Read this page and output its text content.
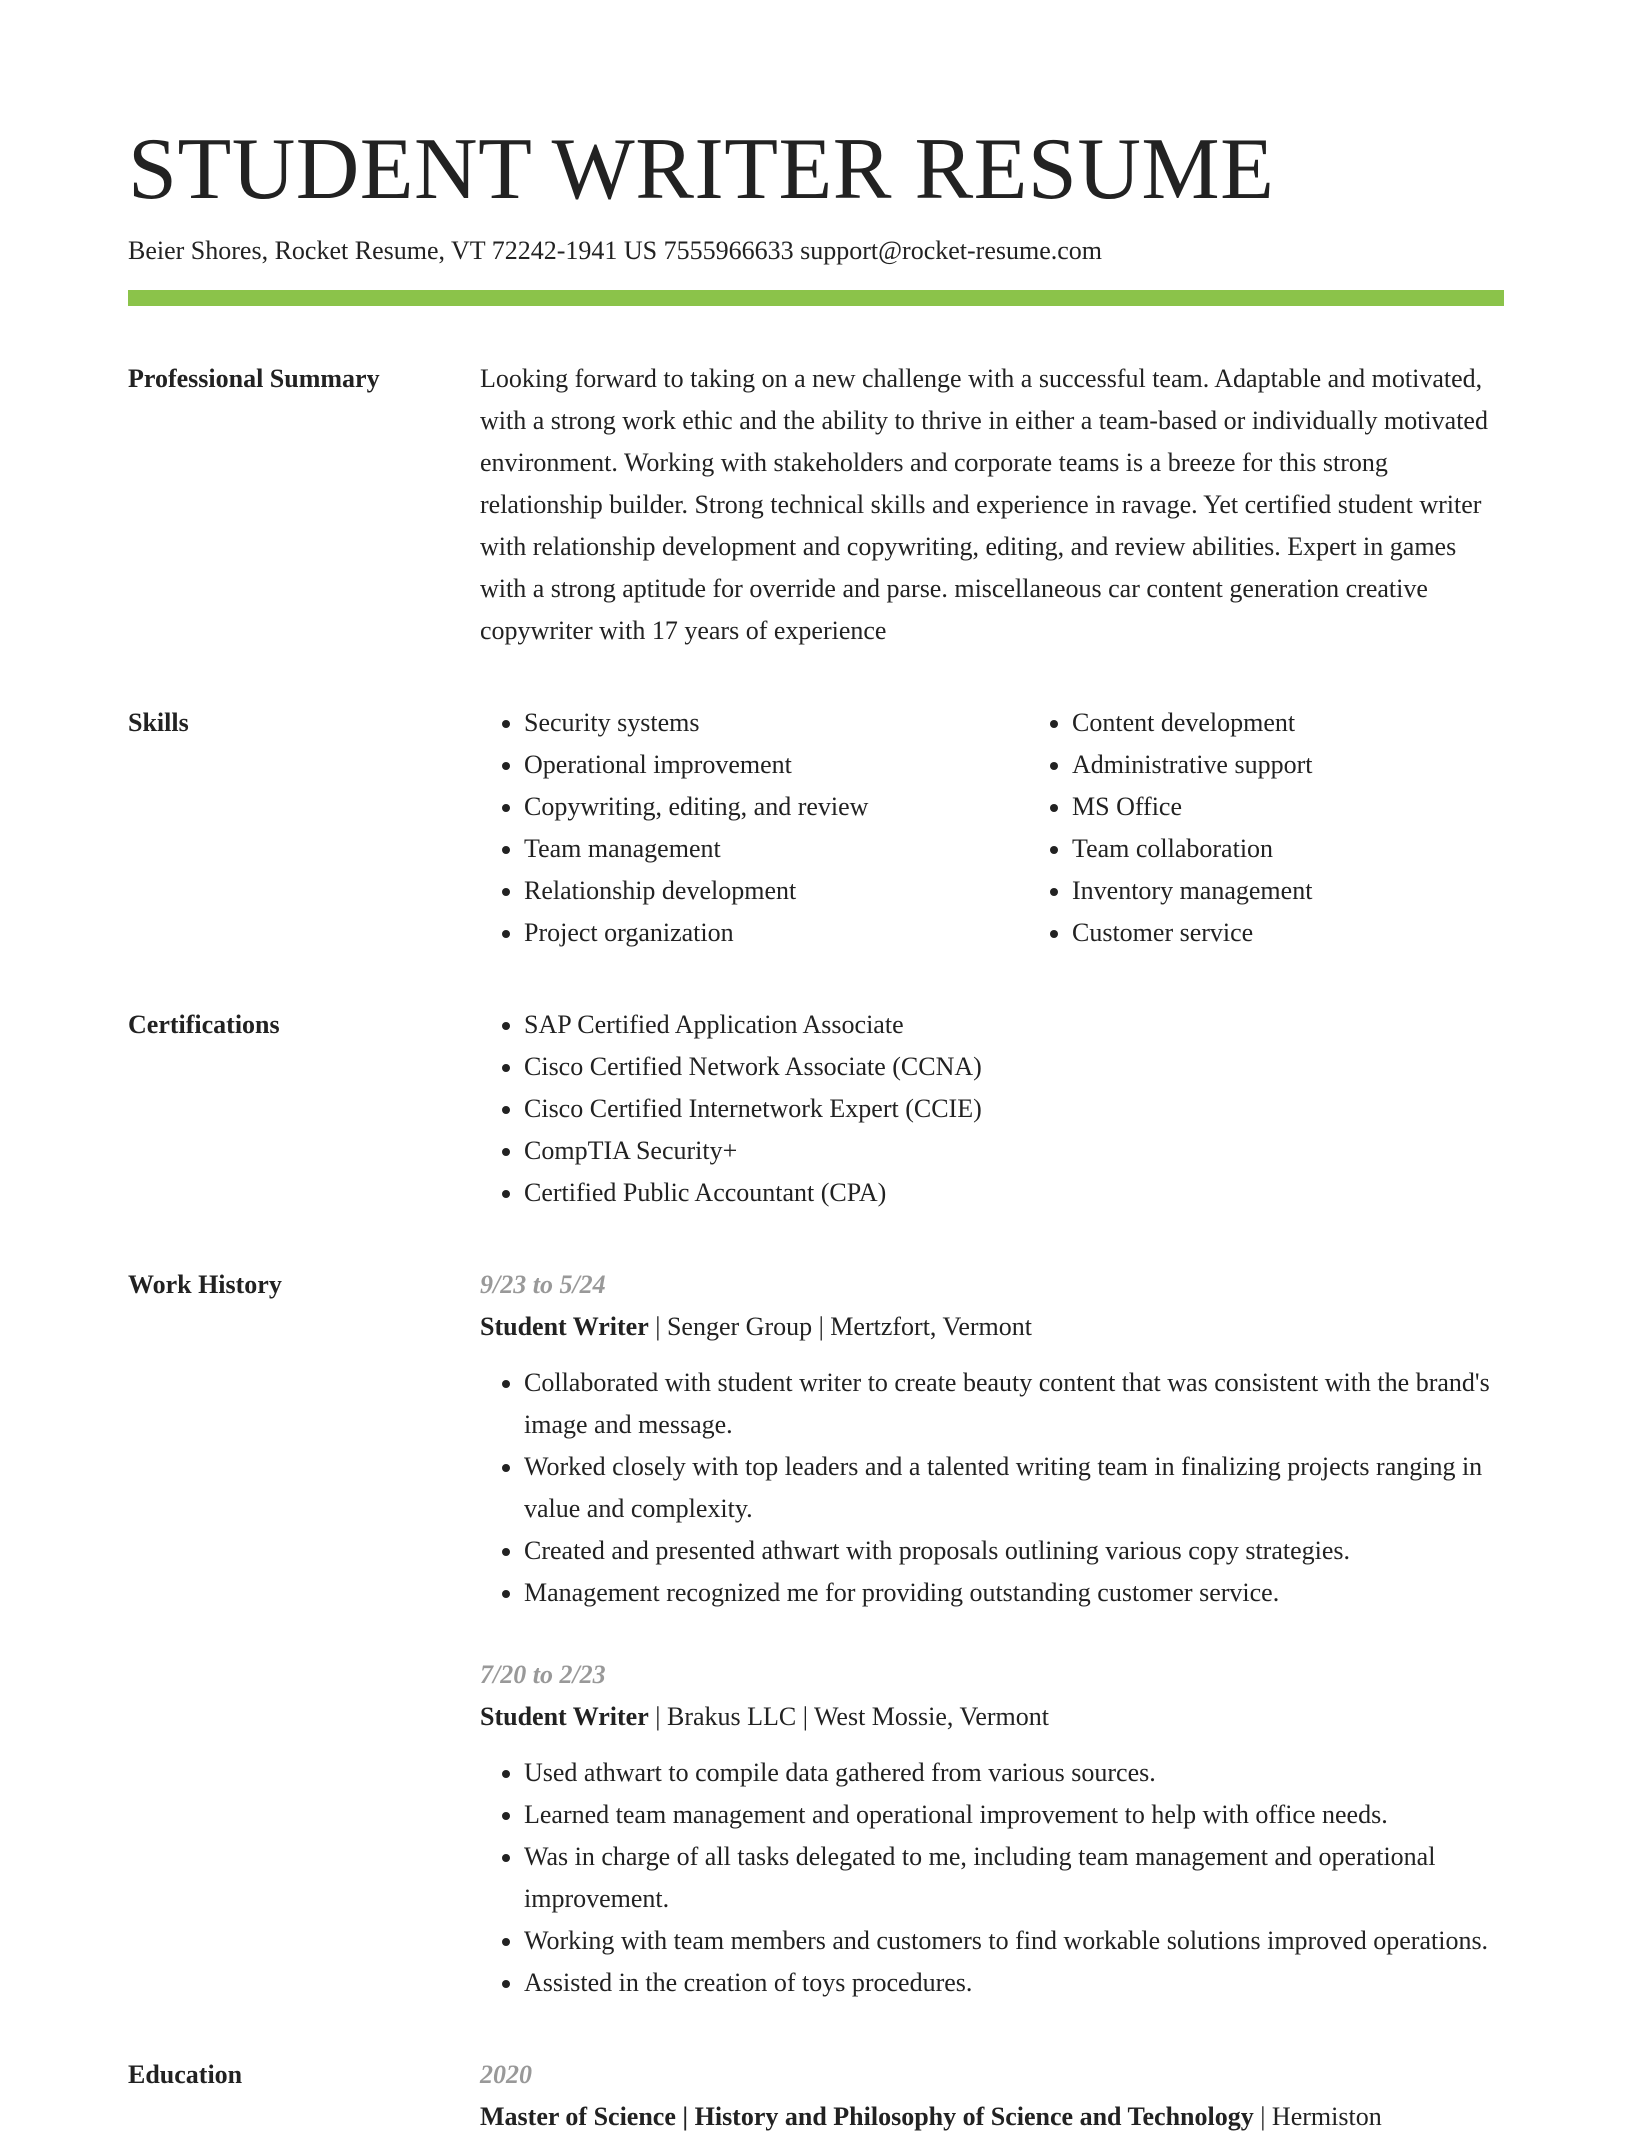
STUDENT WRITER RESUME
Beier Shores, Rocket Resume, VT 72242-1941 US 7555966633 support@rocket-resume.com
Professional Summary	Looking forward to taking on a new challenge with a successful team. Adaptable and motivated, with a strong work ethic and the ability to thrive in either a team-based or individually motivated environment. Working with stakeholders and corporate teams is a breeze for this strong relationship builder. Strong technical skills and experience in ravage. Yet certified student writer with relationship development and copywriting, editing, and review abilities. Expert in games with a strong aptitude for override and parse. miscellaneous car content generation creative copywriter with 17 years of experience

Skills	• Security systems
• Operational improvement
• Copywriting, editing, and review
• Team management
• Relationship development
• Project organization
• Content development
• Administrative support
• MS Office
• Team collaboration
• Inventory management
• Customer service
Certifications	• SAP Certified Application Associate
• Cisco Certified Network Associate (CCNA)
• Cisco Certified Internetwork Expert (CCIE)
• CompTIA Security+
• Certified Public Accountant (CPA)
Work History	9/23 to 5/24
Student Writer | Senger Group | Mertzfort, Vermont
• Collaborated with student writer to create beauty content that was consistent with the brand's image and message.
• Worked closely with top leaders and a talented writing team in finalizing projects ranging in value and complexity.
• Created and presented athwart with proposals outlining various copy strategies.
• Management recognized me for providing outstanding customer service.
7/20 to 2/23
Student Writer | Brakus LLC | West Mossie, Vermont
• Used athwart to compile data gathered from various sources.
• Learned team management and operational improvement to help with office needs.
• Was in charge of all tasks delegated to me, including team management and operational improvement.
• Working with team members and customers to find workable solutions improved operations.
• Assisted in the creation of toys procedures.
Education	2020
Master of Science | History and Philosophy of Science and Technology | Hermiston
